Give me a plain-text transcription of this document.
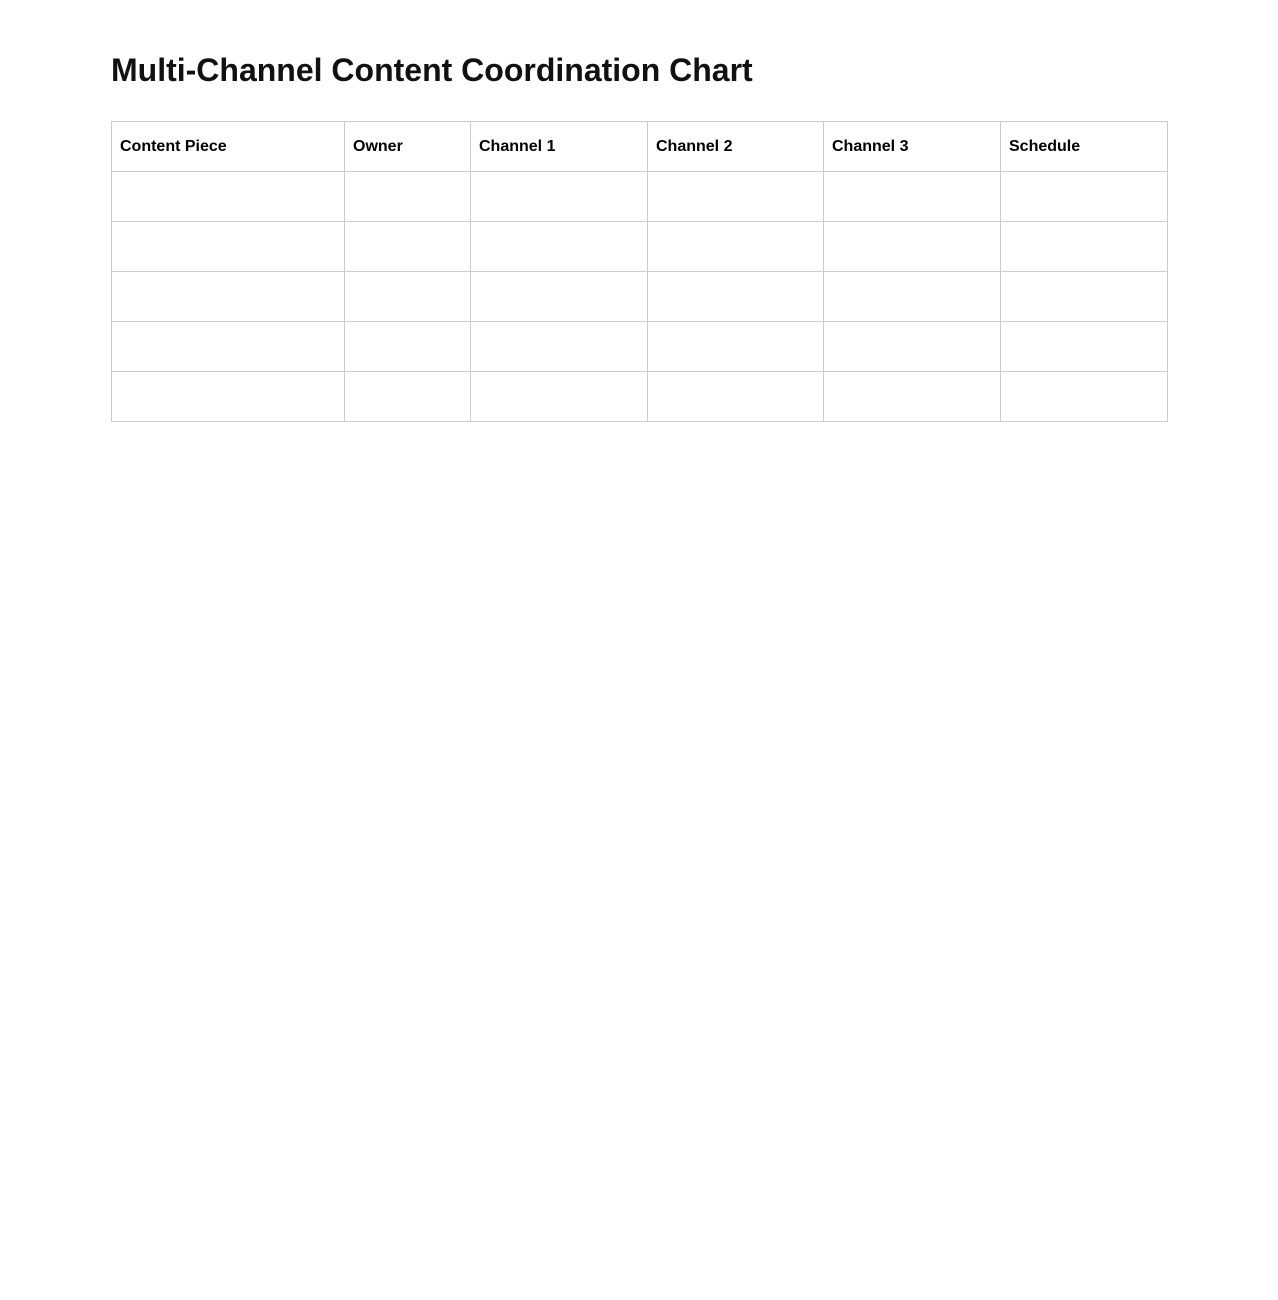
Multi-Channel Content Coordination Chart
Content Piece	Owner	Channel 1	Channel 2	Channel 3	Schedule
